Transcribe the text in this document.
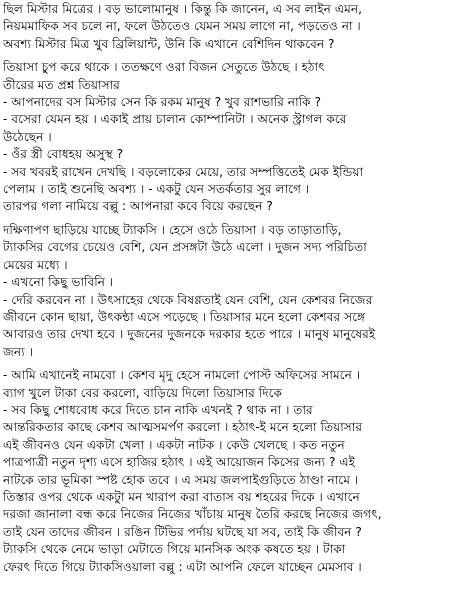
ছিল মিস্টার মিত্রের । বড় ভালোমানুষ । কিন্তু কি জানেন, এ সব লাইন এমন,
নিয়মমাফিক সব চলে না, ফলে উঠতেও যেমন সময় লাগে না, পড়তেও না ।
অবশ্য মিস্টার মিত্র খুব ব্রিলিয়ান্ট, উনি কি এখানে বেশিদিন থাকবেন ?

তিয়াসা চুপ করে থাকে । ততক্ষণে ওরা বিজন সেতুতে উঠছে । হঠাৎ
তীরের মত প্রশ্ন তিয়াসার
- আপনাদের বস মিস্টার সেন কি রকম মানুষ ? খুব রাশভারি নাকি ?
- বসেরা যেমন হয় । একাই প্রায় চালান কোম্পানিটা । অনেক স্ট্রাগল করে
উঠেছেন ।
- ওঁর স্ত্রী বোধহয় অসুস্থ ?
- সব খবরই রাখেন দেখছি । বড়লোকের মেয়ে, তার সম্পত্তিতেই মেক ইন্ডিয়া
পেলাম । তাই শুনেছি অবশ্য । - একটু যেন সতর্কতার সুর লাগে ।
তারপর গলা নামিয়ে বল্লু : আপনারা কবে বিয়ে করছেন ?

দক্ষিণাপণ ছাড়িয়ে যাচ্ছে ট্যাকসি । হেসে ওঠে তিয়াসা । বড় তাড়াতাড়ি,
ট্যাকসির বেগের চেয়েও বেশি, যেন প্রসঙ্গটা উঠে এলো । দুজন সদ্য পরিচিতা
মেয়ের মধ্যে ।
- এখনো কিছু ভাবিনি ।
- দেরি করবেন না । উৎসাহের থেকে বিষণ্ণতাই যেন বেশি, যেন কেশবর নিজের
জীবনে কোন ছায়া, উৎকন্ঠা এসে পড়েছে । তিয়াসার মনে হলো কেশবর সঙ্গে
আবারও তার দেখা হবে । দুজনের দুজনকে দরকার হতে পারে । মানুষ মানুষেরই
জন্য ।

- আমি এখানেই নামবো । কেশব মৃদু হেসে নামলো পোস্ট অফিসের সামনে ।
ব্যাগ খুলে টাকা বের করলো, বাড়িয়ে দিলো তিয়াসার দিকে
- সব কিছু শোধবোধ করে দিতে চান নাকি এখনই ? থাক না । তার
আন্তরিকতার কাছে কেশব আত্মসমর্পণ করলো । হঠাৎ-ই মনে হলো তিয়াসার
এই জীবনও যেন একটা খেলা । একটা নাটক । কেউ খেলছে । কত নতুন
পাত্রপাত্রী নতুন দৃশ্য এসে হাজির হঠাৎ । এই আয়োজন কিসের জন্য ? এই
নাটকে তার ভূমিকা স্পষ্ট হোক তবে । এ সময় জলপাইগুড়িতে ঠাণ্ডা নামে ।
তিস্তার ওপর থেকে একটুা মন খারাপ করা বাতাস বয় শহরের দিকে । এখানে
দরজা জানালা বন্ধ করে নিজের নিজের খাঁচায় মানুষ তৈরি করছে নিজের জগৎ,
তাই যেন তাদের জীবন । রঙিন টিভির পর্দায় ঘটছে যা সব, তাই কি জীবন ?
ট্যাকসি থেকে নেমে ভাড়া মেটাতে গিয়ে মানসিক অংক কষতে হয় । টাকা
ফেরৎ দিতে গিয়ে ট্যাকসিওয়ালা বল্লু : এটা আপনি ফেলে যাচ্ছেন মেমসাব ।
